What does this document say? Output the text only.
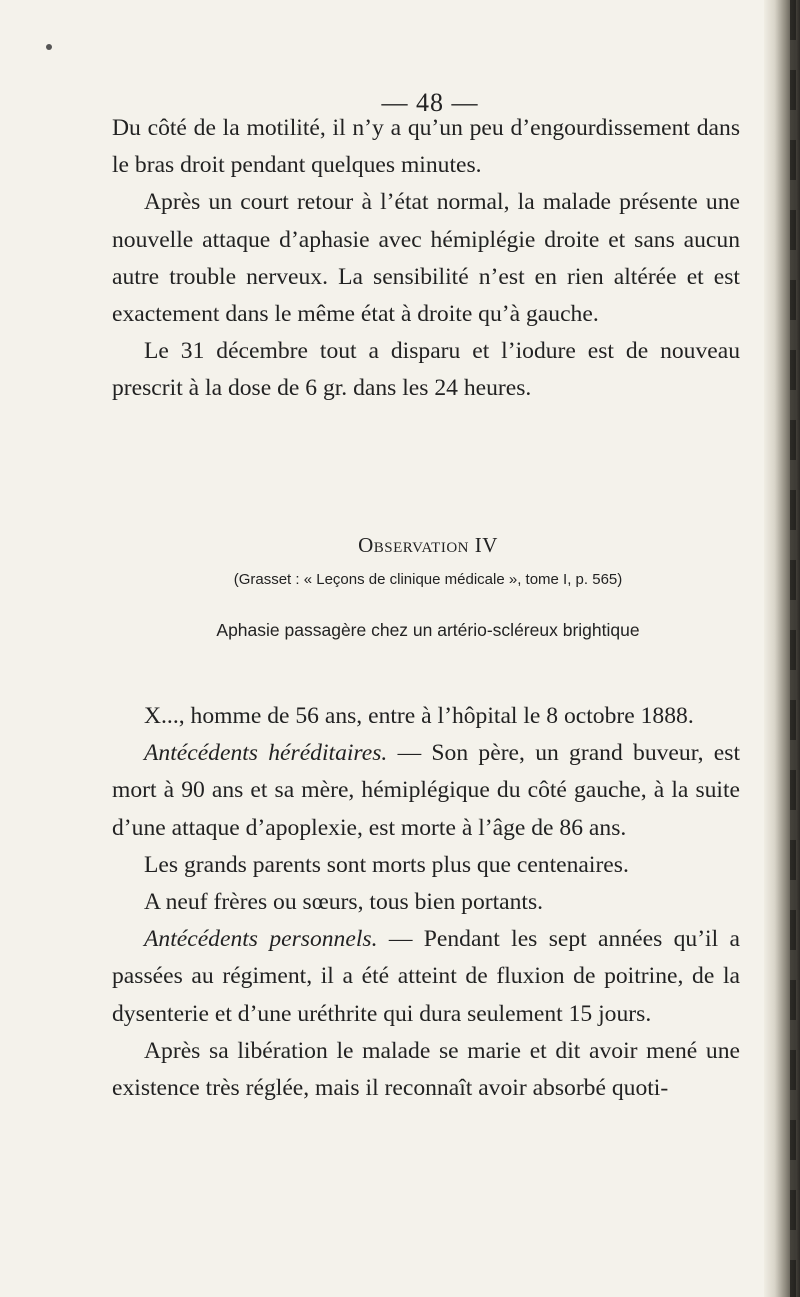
— 48 —

Du côté de la motilité, il n’y a qu’un peu d’engourdissement dans le bras droit pendant quelques minutes.

Après un court retour à l’état normal, la malade présente une nouvelle attaque d’aphasie avec hémiplégie droite et sans aucun autre trouble nerveux. La sensibilité n’est en rien altérée et est exactement dans le même état à droite qu’à gauche.

Le 31 décembre tout a disparu et l’iodure est de nouveau prescrit à la dose de 6 gr. dans les 24 heures.

Observation IV
(Grasset : « Leçons de clinique médicale », tome I, p. 565)
Aphasie passagère chez un artério-scléreux brightique

X..., homme de 56 ans, entre à l’hôpital le 8 octobre 1888.

Antécédents héréditaires. — Son père, un grand buveur, est mort à 90 ans et sa mère, hémiplégique du côté gauche, à la suite d’une attaque d’apoplexie, est morte à l’âge de 86 ans.

Les grands parents sont morts plus que centenaires.

A neuf frères ou sœurs, tous bien portants.

Antécédents personnels. — Pendant les sept années qu’il a passées au régiment, il a été atteint de fluxion de poitrine, de la dysenterie et d’une uréthrite qui dura seulement 15 jours.

Après sa libération le malade se marie et dit avoir mené une existence très réglée, mais il reconnaît avoir absorbé quoti-
